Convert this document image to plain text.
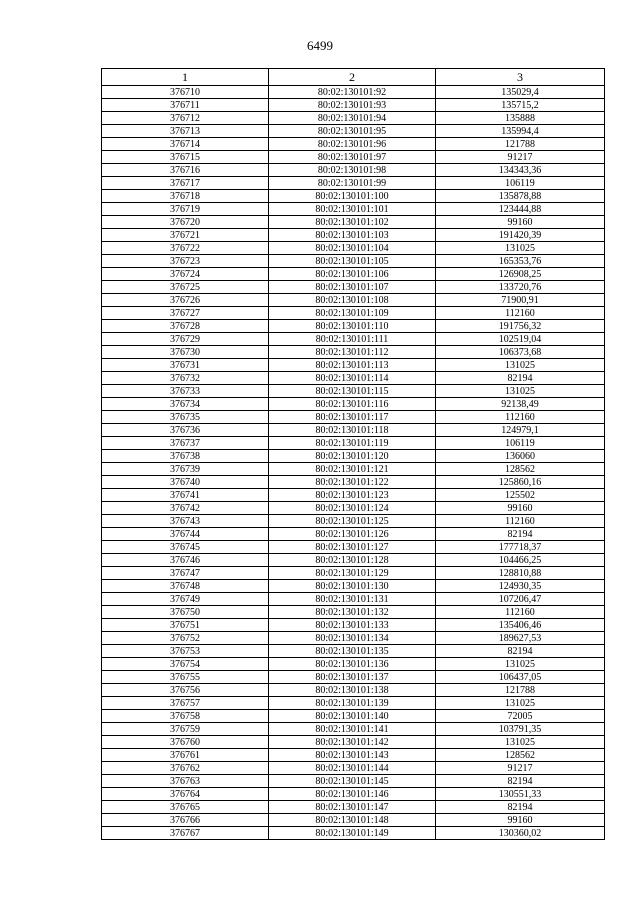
6499
1	2	3
376710	80:02:130101:92	135029,4
376711	80:02:130101:93	135715,2
376712	80:02:130101:94	135888
376713	80:02:130101:95	135994,4
376714	80:02:130101:96	121788
376715	80:02:130101:97	91217
376716	80:02:130101:98	134343,36
376717	80:02:130101:99	106119
376718	80:02:130101:100	135878,88
376719	80:02:130101:101	123444,88
376720	80:02:130101:102	99160
376721	80:02:130101:103	191420,39
376722	80:02:130101:104	131025
376723	80:02:130101:105	165353,76
376724	80:02:130101:106	126908,25
376725	80:02:130101:107	133720,76
376726	80:02:130101:108	71900,91
376727	80:02:130101:109	112160
376728	80:02:130101:110	191756,32
376729	80:02:130101:111	102519,04
376730	80:02:130101:112	106373,68
376731	80:02:130101:113	131025
376732	80:02:130101:114	82194
376733	80:02:130101:115	131025
376734	80:02:130101:116	92138,49
376735	80:02:130101:117	112160
376736	80:02:130101:118	124979,1
376737	80:02:130101:119	106119
376738	80:02:130101:120	136060
376739	80:02:130101:121	128562
376740	80:02:130101:122	125860,16
376741	80:02:130101:123	125502
376742	80:02:130101:124	99160
376743	80:02:130101:125	112160
376744	80:02:130101:126	82194
376745	80:02:130101:127	177718,37
376746	80:02:130101:128	104466,25
376747	80:02:130101:129	128810,88
376748	80:02:130101:130	124930,35
376749	80:02:130101:131	107206,47
376750	80:02:130101:132	112160
376751	80:02:130101:133	135406,46
376752	80:02:130101:134	189627,53
376753	80:02:130101:135	82194
376754	80:02:130101:136	131025
376755	80:02:130101:137	106437,05
376756	80:02:130101:138	121788
376757	80:02:130101:139	131025
376758	80:02:130101:140	72005
376759	80:02:130101:141	103791,35
376760	80:02:130101:142	131025
376761	80:02:130101:143	128562
376762	80:02:130101:144	91217
376763	80:02:130101:145	82194
376764	80:02:130101:146	130551,33
376765	80:02:130101:147	82194
376766	80:02:130101:148	99160
376767	80:02:130101:149	130360,02
